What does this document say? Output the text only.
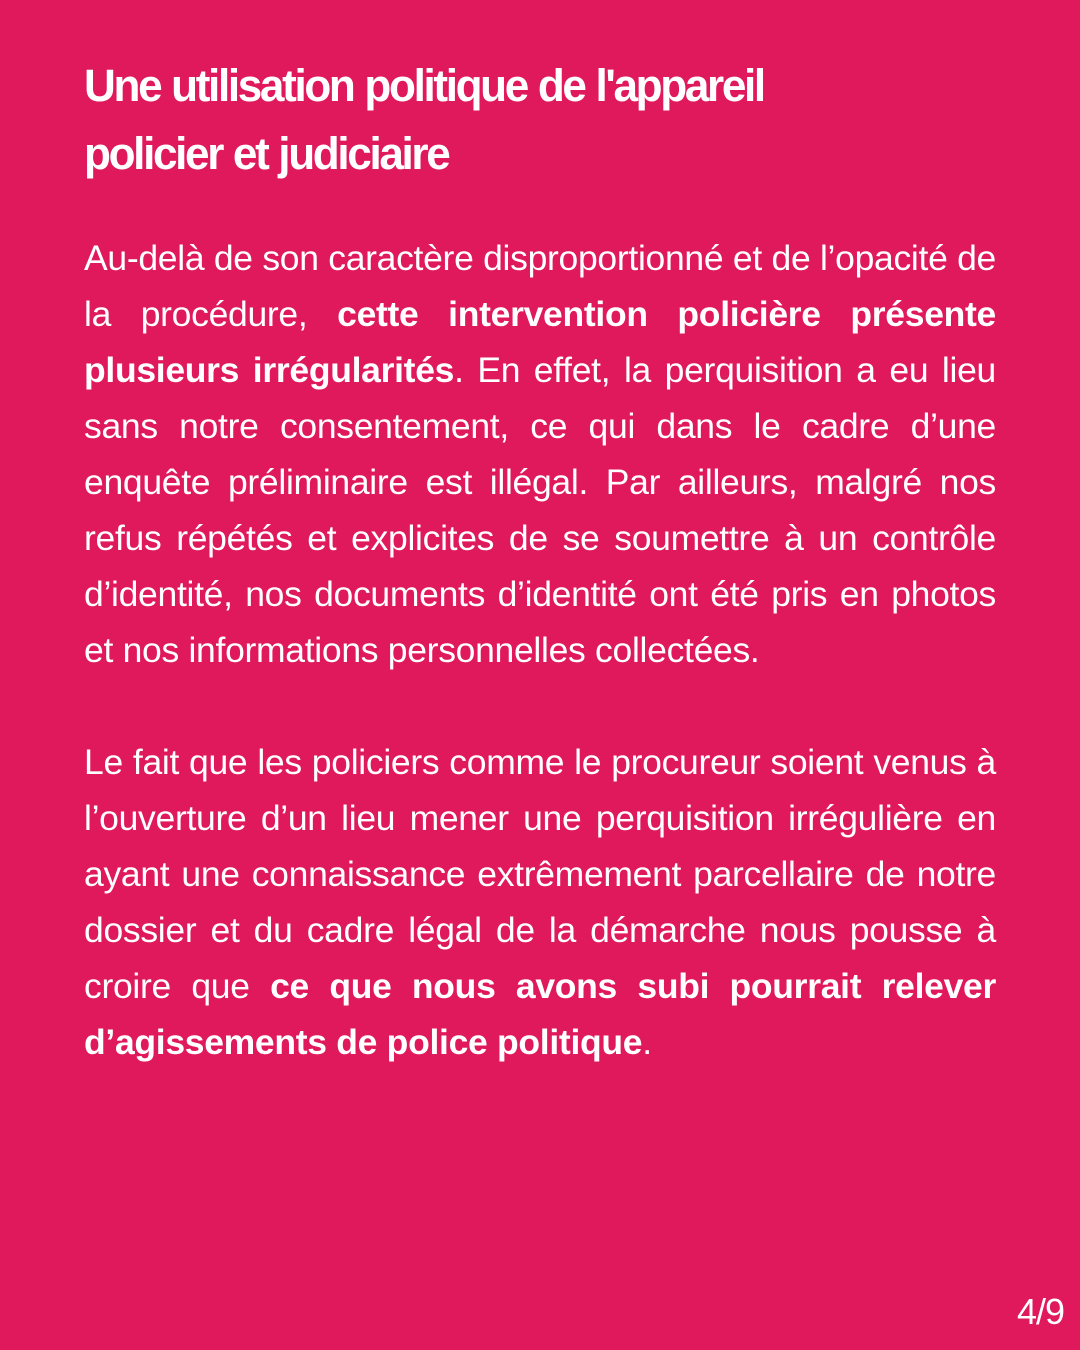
Une utilisation politique de l'appareil
policier et judiciaire

Au-delà de son caractère disproportionné et de l’opacité de la procédure, cette intervention policière présente plusieurs irrégularités. En effet, la perquisition a eu lieu sans notre consentement, ce qui dans le cadre d’une enquête préliminaire est illégal. Par ailleurs, malgré nos refus répétés et explicites de se soumettre à un contrôle d’identité, nos documents d’identité ont été pris en photos et nos informations personnelles collectées.

Le fait que les policiers comme le procureur soient venus à l’ouverture d’un lieu mener une perquisition irrégulière en ayant une connaissance extrêmement parcellaire de notre dossier et du cadre légal de la démarche nous pousse à croire que ce que nous avons subi pourrait relever d’agissements de police politique.

4/9
